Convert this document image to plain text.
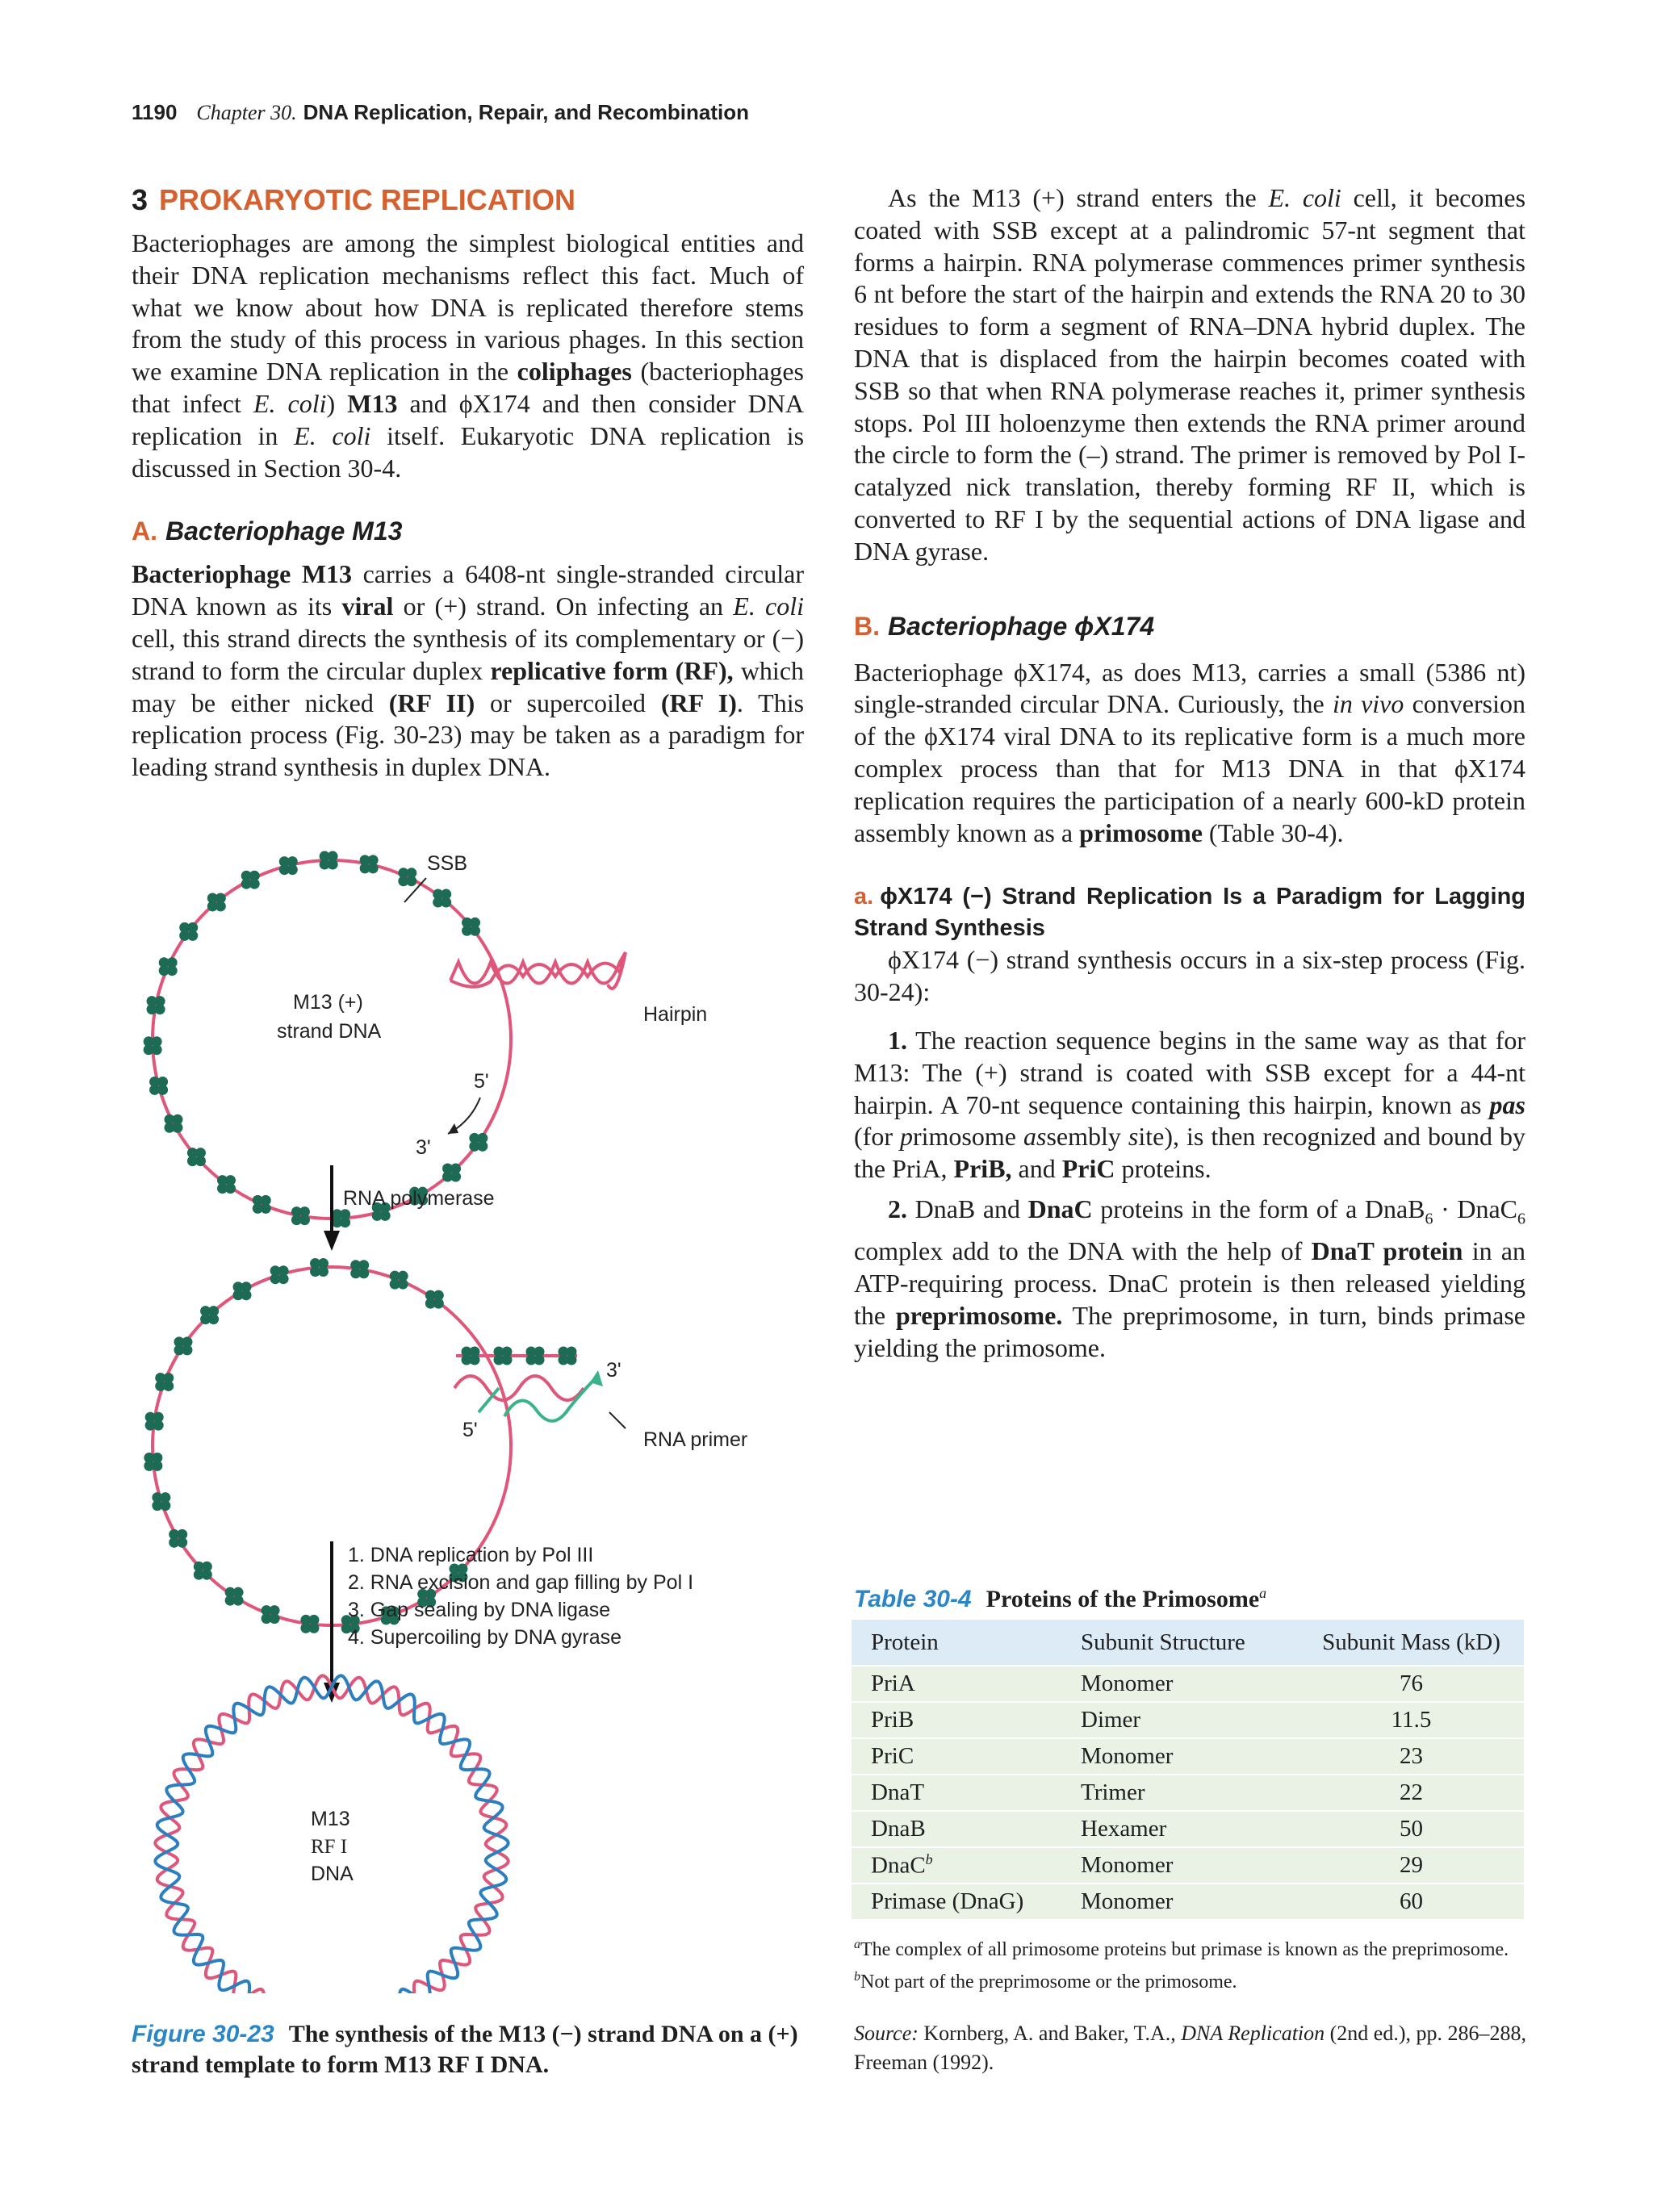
1190 Chapter 30. DNA Replication, Repair, and Recombination
3 PROKARYOTIC REPLICATION

Bacteriophages are among the simplest biological entities and their DNA replication mechanisms reflect this fact. Much of what we know about how DNA is replicated therefore stems from the study of this process in various phages. In this section we examine DNA replication in the coliphages (bacteriophages that infect E. coli) M13 and ϕX174 and then consider DNA replication in E. coli itself. Eukaryotic DNA replication is discussed in Section 30-4.

A. Bacteriophage M13

Bacteriophage M13 carries a 6408-nt single-stranded circular DNA known as its viral or (+) strand. On infecting an E. coli cell, this strand directs the synthesis of its complementary or (−) strand to form the circular duplex replicative form (RF), which may be either nicked (RF II) or supercoiled (RF I). This replication process (Fig. 30-23) may be taken as a paradigm for leading strand synthesis in duplex DNA.

As the M13 (+) strand enters the E. coli cell, it becomes coated with SSB except at a palindromic 57-nt segment that forms a hairpin. RNA polymerase commences primer synthesis 6 nt before the start of the hairpin and extends the RNA 20 to 30 residues to form a segment of RNA–DNA hybrid duplex. The DNA that is displaced from the hairpin becomes coated with SSB so that when RNA polymerase reaches it, primer synthesis stops. Pol III holoenzyme then extends the RNA primer around the circle to form the (–) strand. The primer is removed by Pol I-catalyzed nick translation, thereby forming RF II, which is converted to RF I by the sequential actions of DNA ligase and DNA gyrase.

B. Bacteriophage ϕX174

Bacteriophage ϕX174, as does M13, carries a small (5386 nt) single-stranded circular DNA. Curiously, the in vivo conversion of the ϕX174 viral DNA to its replicative form is a much more complex process than that for M13 DNA in that ϕX174 replication requires the participation of a nearly 600-kD protein assembly known as a primosome (Table 30-4).

a. ϕX174 (−) Strand Replication Is a Paradigm for Lagging Strand Synthesis

ϕX174 (−) strand synthesis occurs in a six-step process (Fig. 30-24):

1. The reaction sequence begins in the same way as that for M13: The (+) strand is coated with SSB except for a 44-nt hairpin. A 70-nt sequence containing this hairpin, known as pas (for primosome assembly site), is then recognized and bound by the PriA, PriB, and PriC proteins.

2. DnaB and DnaC proteins in the form of a DnaB$_6$ · DnaC$_6$ complex add to the DNA with the help of DnaT protein in an ATP-requiring process. DnaC protein is then released yielding the preprimosome. The preprimosome, in turn, binds primase yielding the primosome.

SSB
M13 (+)
strand DNA
Hairpin
5'
3'
RNA polymerase
3'
5'	RNA primer
1. DNA replication by Pol III
2. RNA excision and gap filling by Pol I
3. Gap sealing by DNA ligase
4. Supercoiling by DNA gyrase
M13
RF I
DNA
Figure 30-23 The synthesis of the M13 (−) strand DNA on a (+) strand template to form M13 RF I DNA.
Table 30-4 Proteins of the Primosome$^a$
Protein	Subunit Structure	Subunit Mass (kD)
PriA	Monomer	76
PriB	Dimer	11.5
PriC	Monomer	23
DnaT	Trimer	22
DnaB	Hexamer	50
DnaC$^b$	Monomer	29
Primase (DnaG)	Monomer	60

$^a$The complex of all primosome proteins but primase is known as the preprimosome.

$^b$Not part of the preprimosome or the primosome.

Source: Kornberg, A. and Baker, T.A., DNA Replication (2nd ed.), pp. 286–288, Freeman (1992).
